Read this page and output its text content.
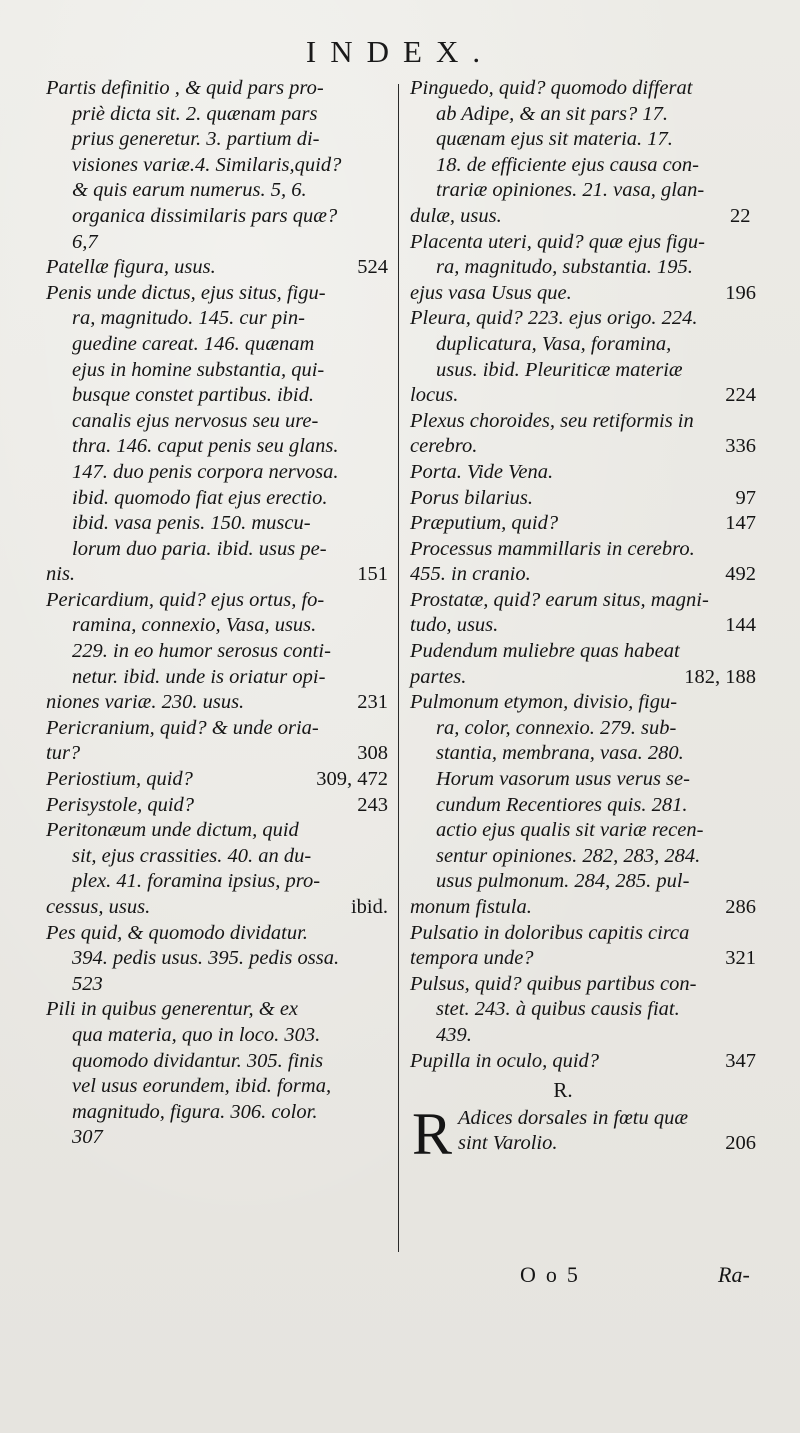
INDEX.
Partis definitio , & quid pars pro-
priè dicta sit. 2. quænam pars
prius generetur. 3. partium di-
visiones variæ.4. Similaris,quid?
& quis earum numerus. 5, 6.
organica dissimilaris pars quæ?
6,7
Patellæ figura, usus.	524
Penis unde dictus, ejus situs, figu-
ra, magnitudo. 145. cur pin-
guedine careat. 146. quænam
ejus in homine substantia, qui-
busque constet partibus. ibid.
canalis ejus nervosus seu ure-
thra. 146. caput penis seu glans.
147. duo penis corpora nervosa.
ibid. quomodo fiat ejus erectio.
ibid. vasa penis. 150. muscu-
lorum duo paria. ibid. usus pe-

nis.	151
Pericardium, quid? ejus ortus, fo-
ramina, connexio, Vasa, usus.
229. in eo humor serosus conti-
netur. ibid. unde is oriatur opi-

niones variæ. 230. usus.	231
Pericranium, quid? & unde oria-

tur?	308
Periostium, quid?	309, 472
Perisystole, quid?	243
Peritonæum unde dictum, quid
sit, ejus crassities. 40. an du-
plex. 41. foramina ipsius, pro-

cessus, usus.	ibid.
Pes quid, & quomodo dividatur.
394. pedis usus. 395. pedis ossa.
523
Pili in quibus generentur, & ex
qua materia, quo in loco. 303.
quomodo dividantur. 305. finis
vel usus eorundem, ibid. forma,
magnitudo, figura. 306. color.
307
Pinguedo, quid? quomodo differat
ab Adipe, & an sit pars? 17.
quænam ejus sit materia. 17.
18. de efficiente ejus causa con-
trariæ opiniones. 21. vasa, glan-

dulæ, usus.	22
Placenta uteri, quid? quæ ejus figu-
ra, magnitudo, substantia. 195.

ejus vasa Usus que.	196
Pleura, quid? 223. ejus origo. 224.
duplicatura, Vasa, foramina,
usus. ibid. Pleuriticæ materiæ

locus.	224
Plexus choroides, seu retiformis in

cerebro.	336
Porta. Vide Vena.
Porus bilarius.	97
Præputium, quid?	147
Processus mammillaris in cerebro.

455. in cranio.	492
Prostatæ, quid? earum situs, magni-

tudo, usus.	144
Pudendum muliebre quas habeat

partes.	182, 188
Pulmonum etymon, divisio, figu-
ra, color, connexio. 279. sub-
stantia, membrana, vasa. 280.
Horum vasorum usus verus se-
cundum Recentiores quis. 281.
actio ejus qualis sit variæ recen-
sentur opiniones. 282, 283, 284.
usus pulmonum. 284, 285. pul-

monum fistula.	286
Pulsatio in doloribus capitis circa

tempora unde?	321
Pulsus, quid? quibus partibus con-
stet. 243. à quibus causis fiat.
439.
Pupilla in oculo, quid?	347
R.
R Adices dorsales in fœtu quæ

sint Varolio.	206
Oo5	Ra-
